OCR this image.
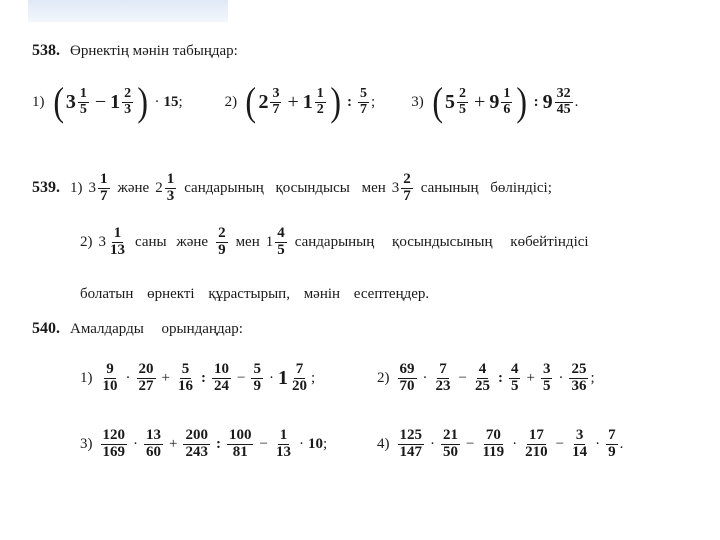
538. Өрнектің мәнін табыңдар:
1) ( $3 \frac{1}{5} - 1 \frac{2}{3}$ ) · 15 ;	2) ( $2 \frac{3}{7} + 1 \frac{1}{2}$ ) : $\frac{5}{7}$ ; 3) ( $5 \frac{2}{5} + 9 \frac{1}{6}$ ) : $9 \frac{32}{45}$ .
539. 1) $3 \frac{1}{7}$ және $2 \frac{1}{3}$ сандарының қосындысы мен $3 \frac{2}{7}$ санының бөліндісі;
2) $3 \frac{1}{13}$ саны және $\frac{2}{9}$ мен $1 \frac{4}{5}$ сандарының қосындысының көбейтіндісі
болатын өрнекті құрастырып, мәнін есептеңдер.
540. Амалдарды орындаңдар:
$1) \frac{9}{10} \cdot \frac{20}{27} + \frac{5}{16}$ : $\frac{10}{24} - \frac{5}{9} \cdot 1 \frac{7}{20}$ ;	$2) \frac{69}{70} \cdot \frac{7}{23} - \frac{4}{25}$ : $\frac{4}{5} + \frac{3}{5} \cdot \frac{25}{36}$ ;
$3) \frac{120}{169} \cdot \frac{13}{60} + \frac{200}{243}$ : $\frac{100}{81} - \frac{1}{13} \cdot 10$ ;	$4) \frac{125}{147} \cdot \frac{21}{50} - \frac{70}{119} \cdot \frac{17}{210} - \frac{3}{14} \cdot \frac{7}{9}$ .
